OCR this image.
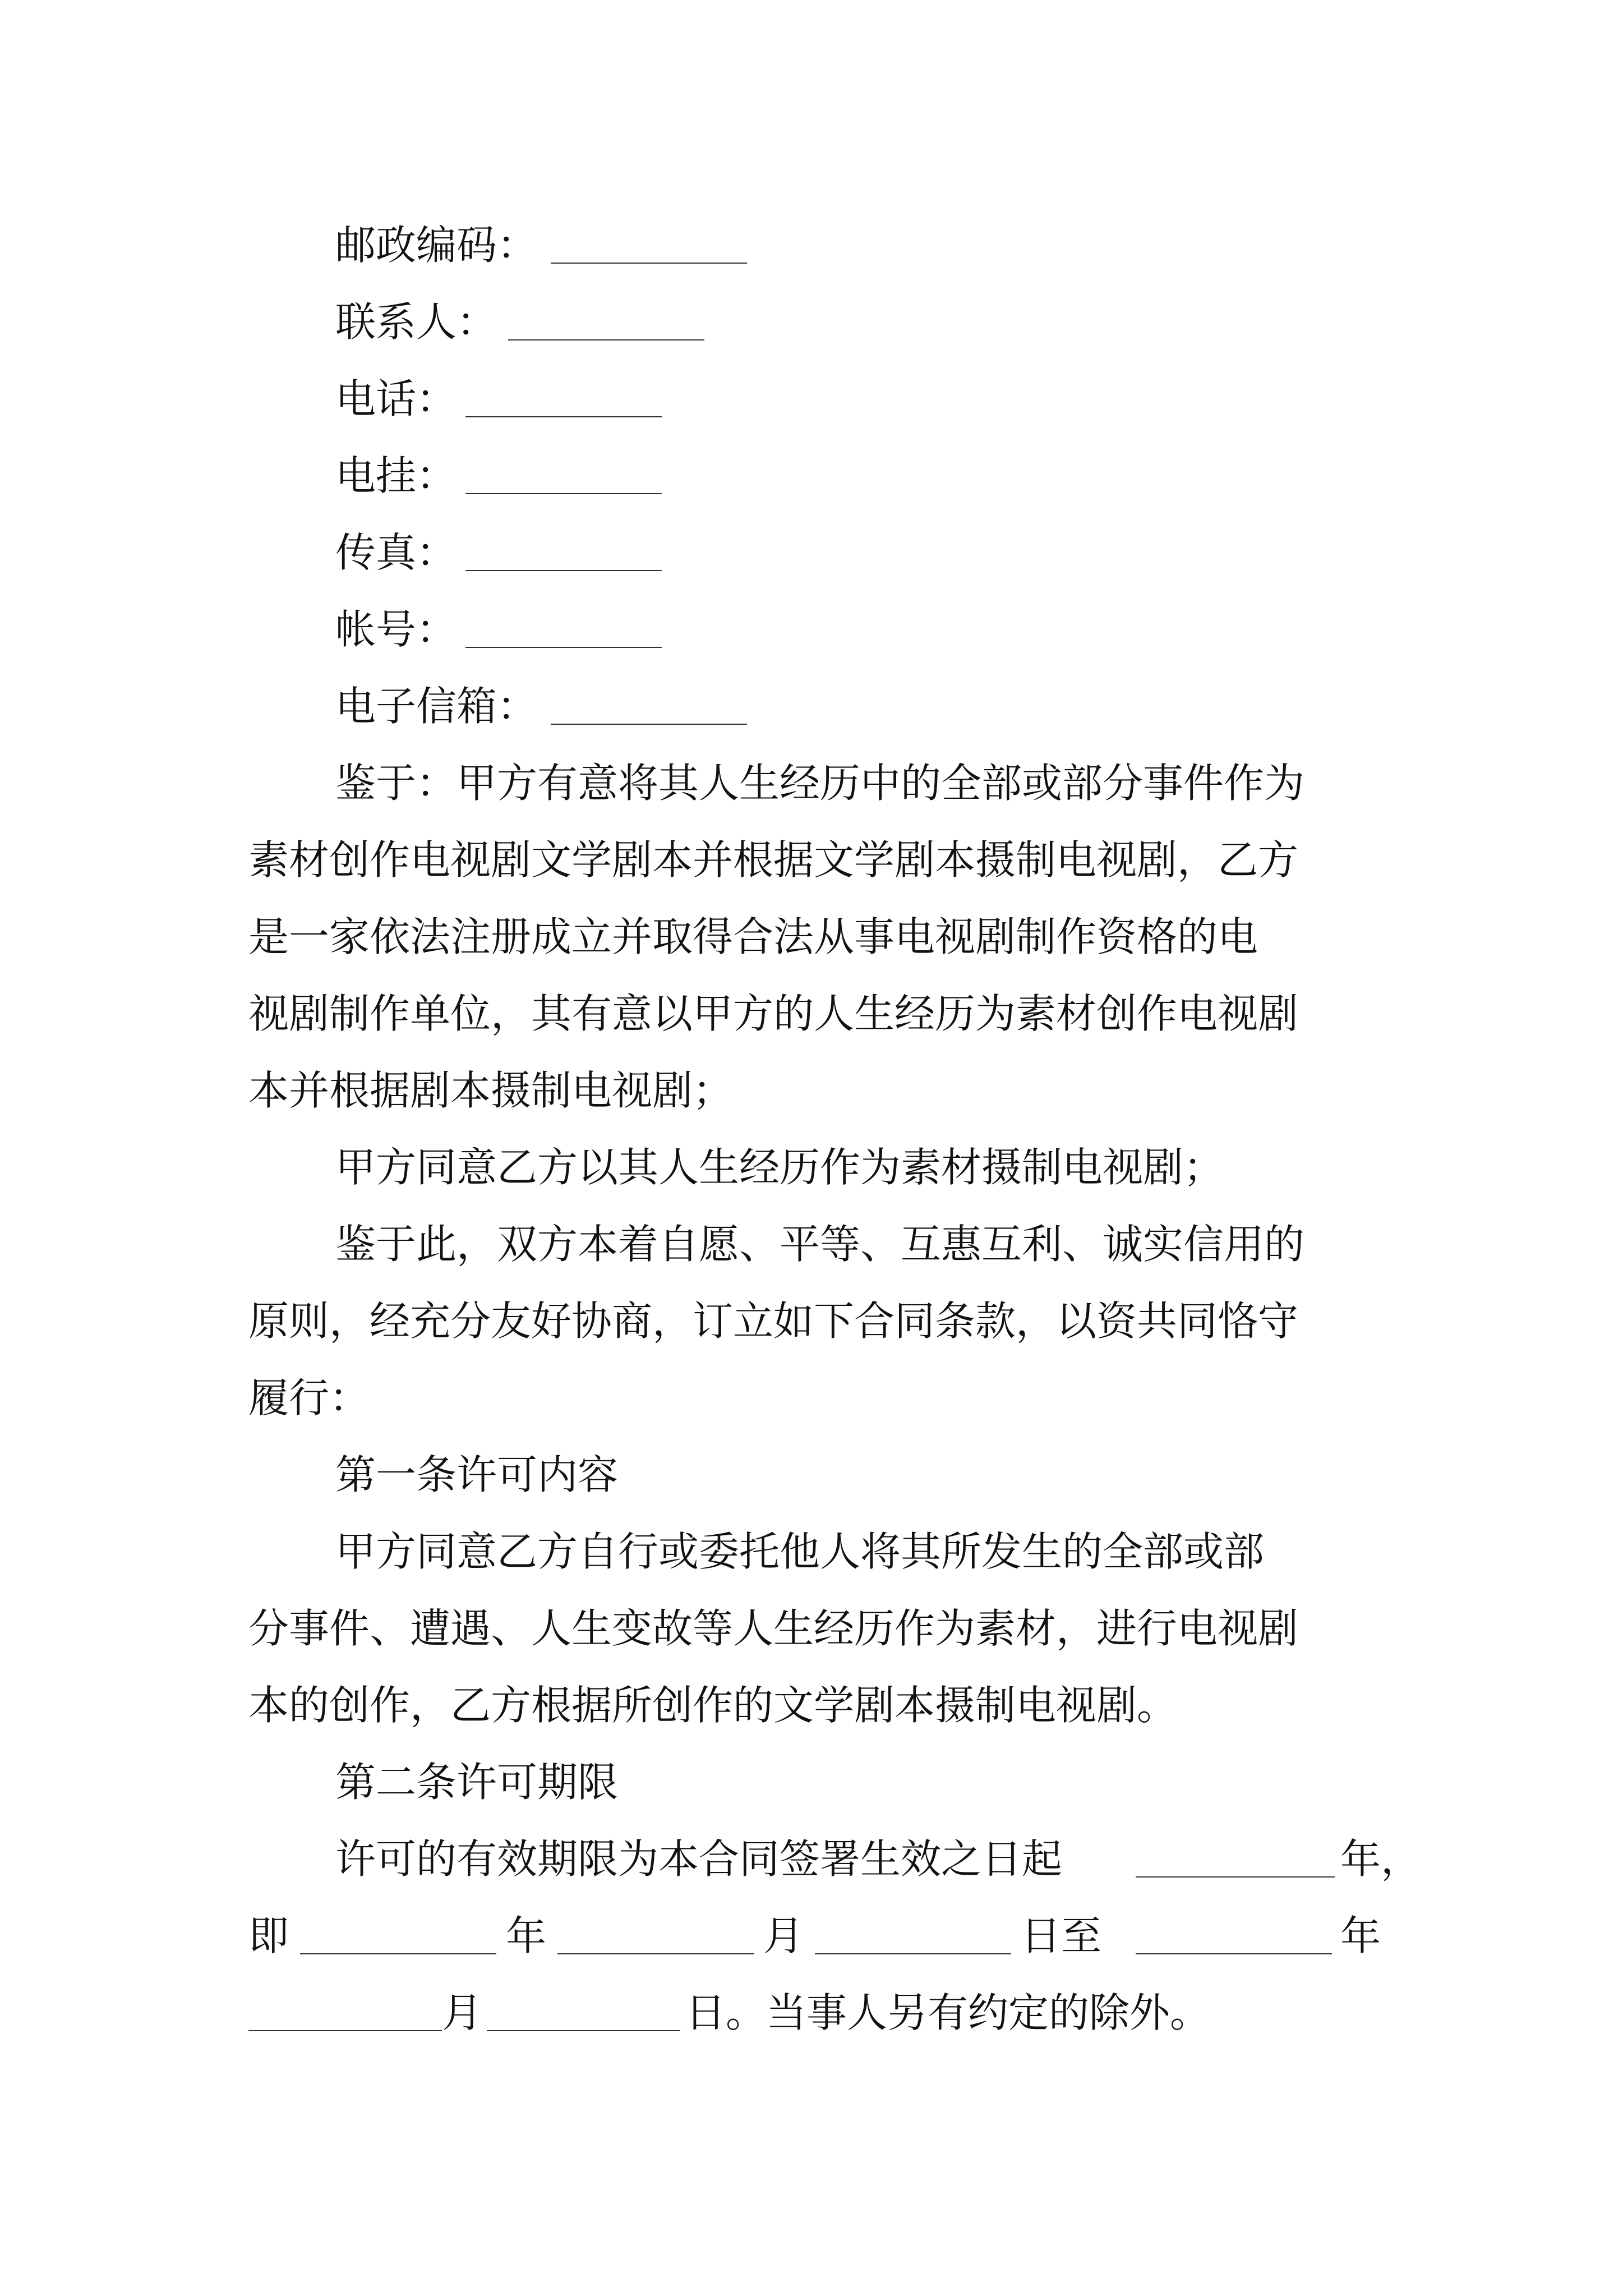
邮政编码：
联系人：
电话：
电挂：
传真：
帐号：
电子信箱：
鉴于：甲方有意将其人生经历中的全部或部分事件作为
素材创作电视剧文学剧本并根据文学剧本摄制电视剧，乙方
是一家依法注册成立并取得合法从事电视剧制作资格的电
视剧制作单位，其有意以甲方的人生经历为素材创作电视剧
本并根据剧本摄制电视剧；
甲方同意乙方以其人生经历作为素材摄制电视剧；
鉴于此，双方本着自愿、平等、互惠互利、诚实信用的
原则，经充分友好协商，订立如下合同条款，以资共同恪守
履行：
第一条许可内容
甲方同意乙方自行或委托他人将其所发生的全部或部
分事件、遭遇、人生变故等人生经历作为素材，进行电视剧
本的创作，乙方根据所创作的文学剧本摄制电视剧。
第二条许可期限
许可的有效期限为本合同签署生效之日起	年，
即	年	月	日至	年
月	日。当事人另有约定的除外。
